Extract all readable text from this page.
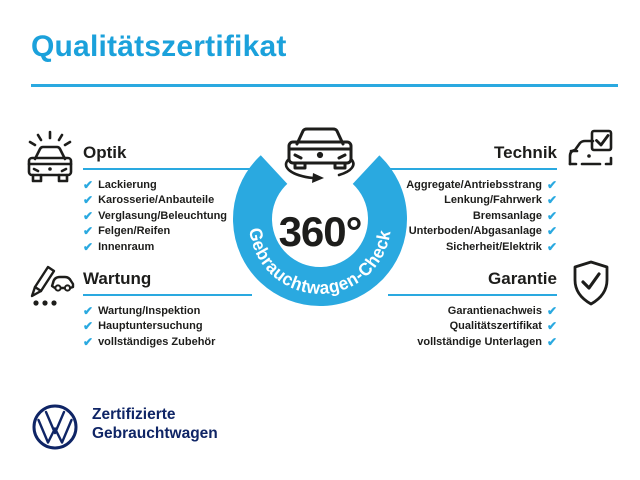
Qualitätszertifikat
Optik
✔ Lackierung
✔ Karosserie/Anbauteile
✔ Verglasung/Beleuchtung
✔ Felgen/Reifen
✔ Innenraum
Wartung
✔ Wartung/Inspektion
✔ Hauptuntersuchung
✔ vollständiges Zubehör
Technik
✔
Aggregate/Antriebsstrang
✔
Lenkung/Fahrwerk
✔
Bremsanlage
✔
Unterboden/Abgasanlage
✔
Sicherheit/Elektrik
Garantie
✔
Garantienachweis
✔
Qualitätszertifikat
✔
vollständige Unterlagen
360°
Gebrauchtwagen-Check
Zertifizierte
Gebrauchtwagen
